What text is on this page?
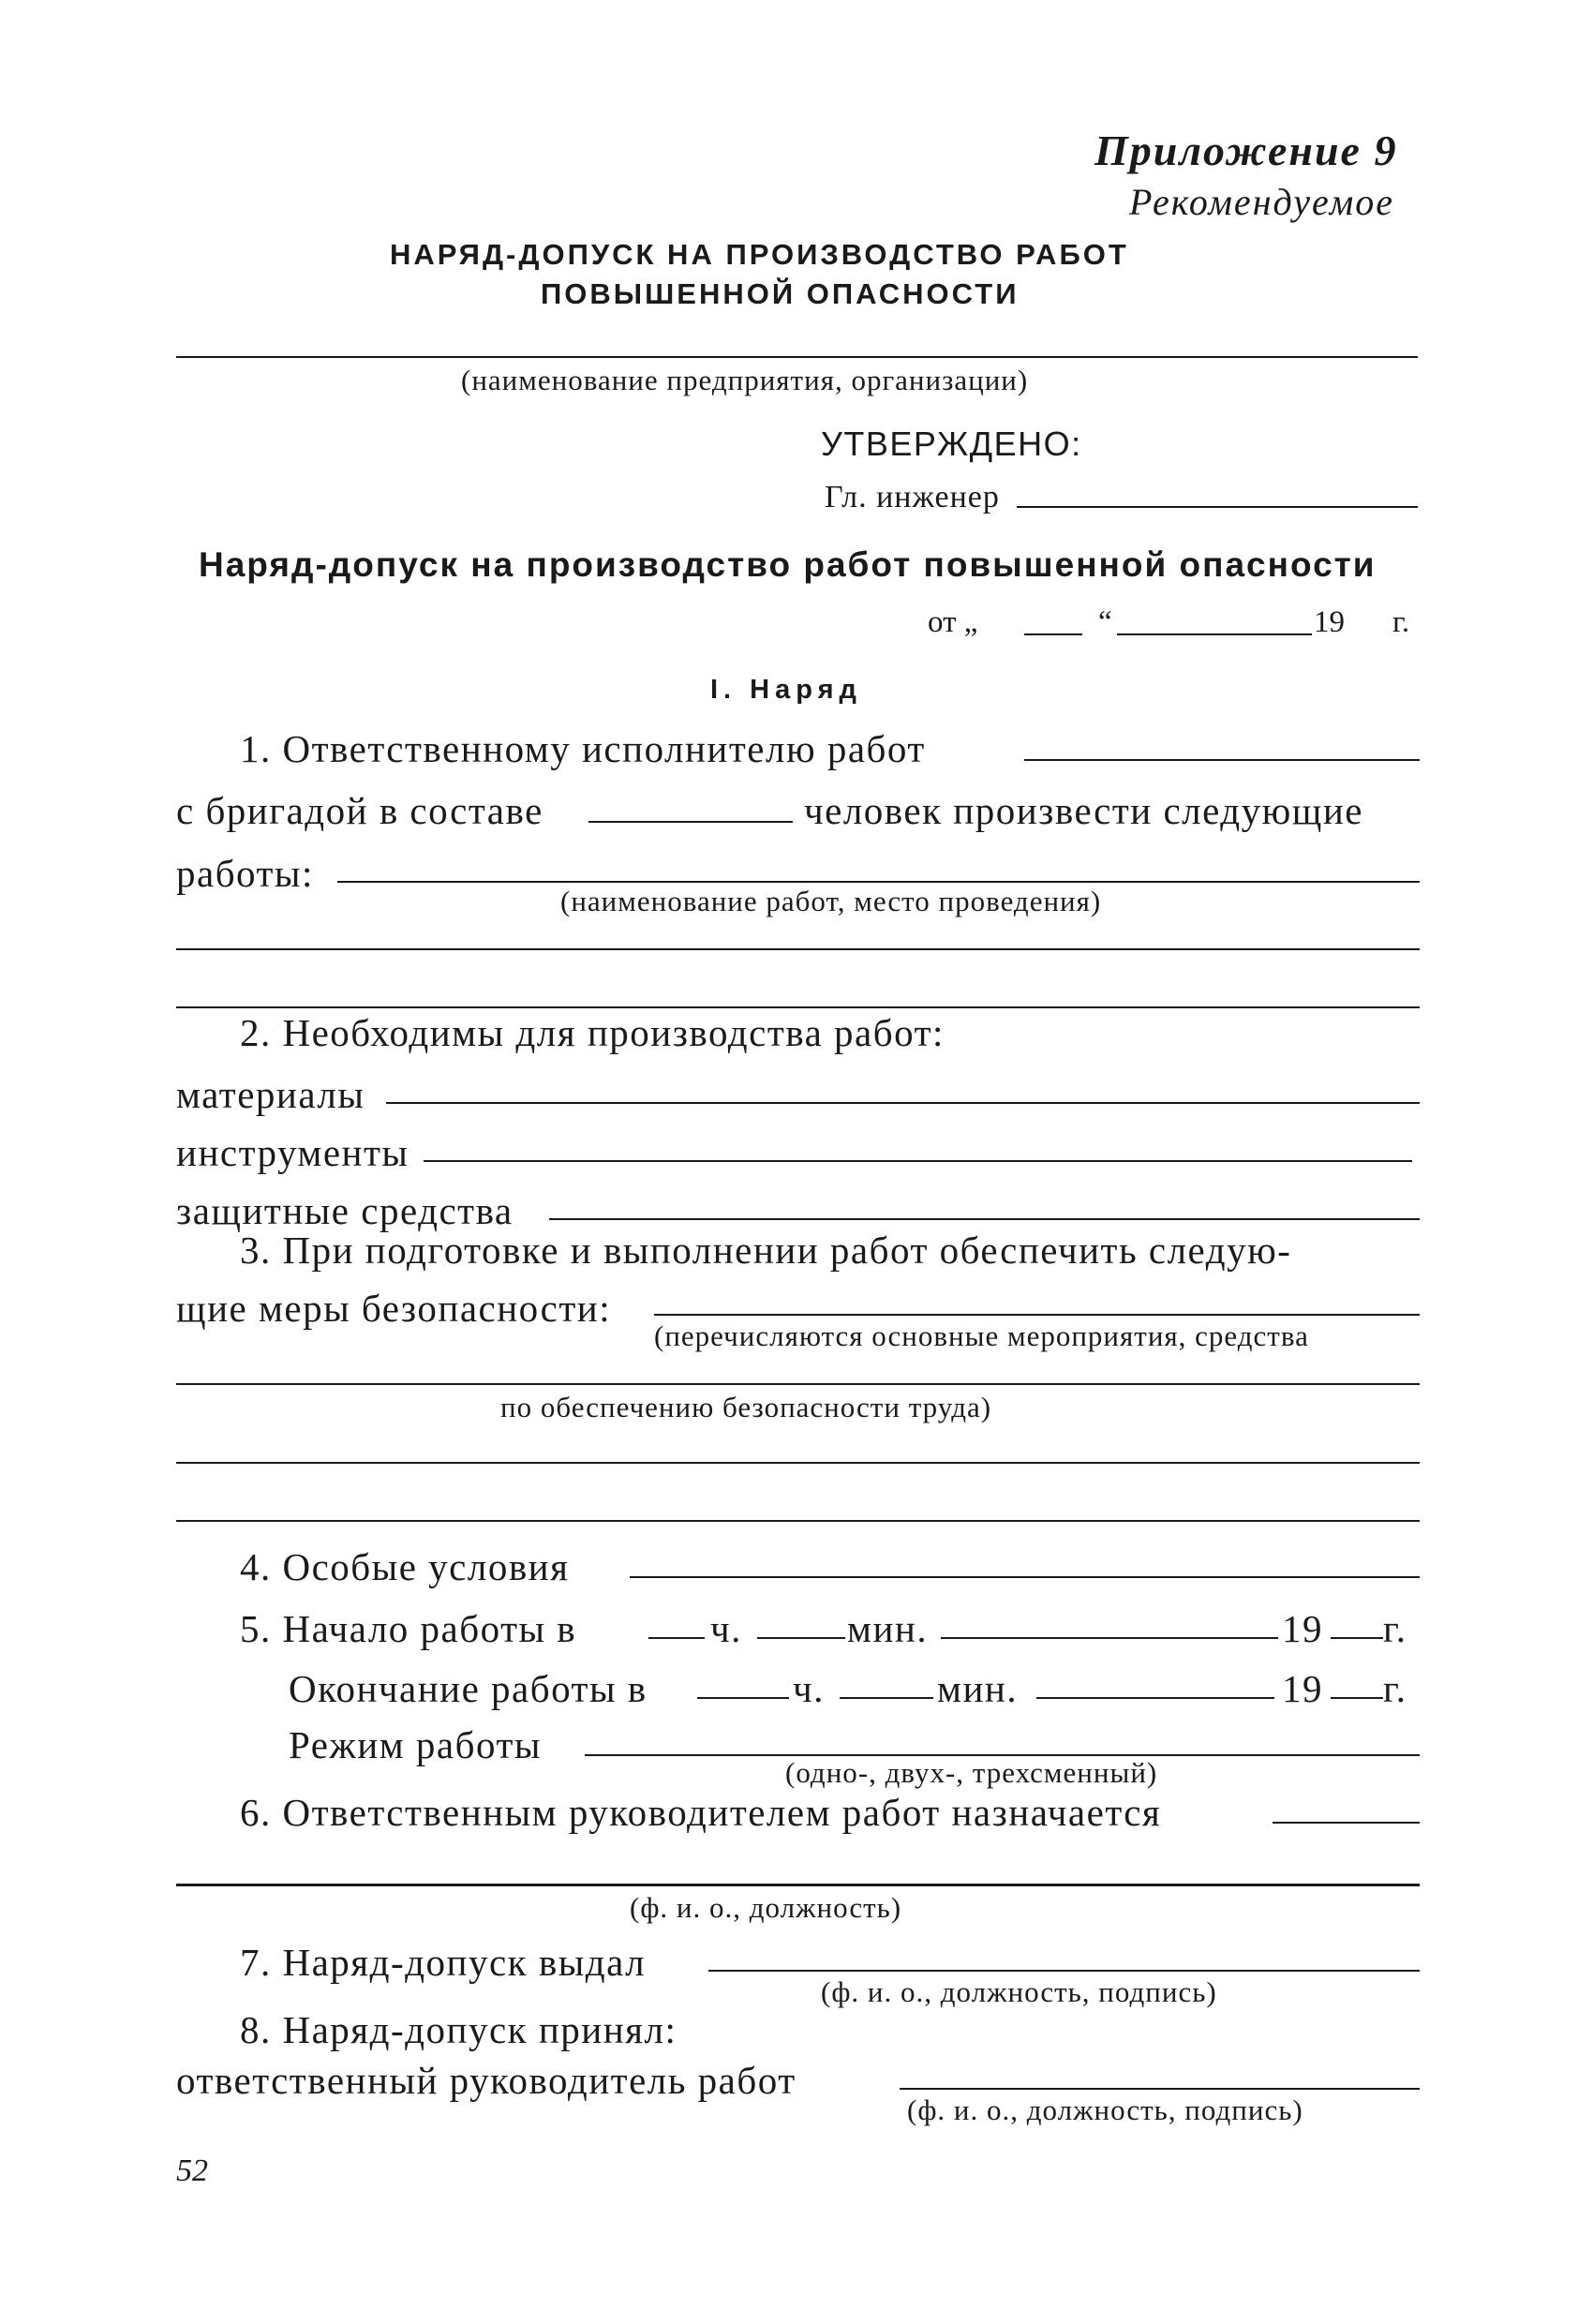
Приложение 9
Рекомендуемое
НАРЯД-ДОПУСК НА ПРОИЗВОДСТВО РАБОТ
ПОВЫШЕННОЙ ОПАСНОСТИ
(наименование предприятия, организации)
УТВЕРЖДЕНО:
Гл. инженер
Наряд-допуск на производство работ повышенной опасности
от „	“	19 г.
I. Наряд
1. Ответственному исполнителю работ
с бригадой в составе	человек произвести следующие
работы:
(наименование работ, место проведения)
2. Необходимы для производства работ:
материалы
инструменты
защитные средства
3. При подготовке и выполнении работ обеспечить следую-
щие меры безопасности:
(перечисляются основные мероприятия, средства
по обеспечению безопасности труда)
4. Особые условия
5. Начало работы в	ч.	мин.	19 г.
Окончание работы в	ч.	мин.	19 г.
Режим работы
(одно-, двух-, трехсменный)
6. Ответственным руководителем работ назначается
(ф. и. о., должность)
7. Наряд-допуск выдал
(ф. и. о., должность, подпись)
8. Наряд-допуск принял:
ответственный руководитель работ
(ф. и. о., должность, подпись)
52
